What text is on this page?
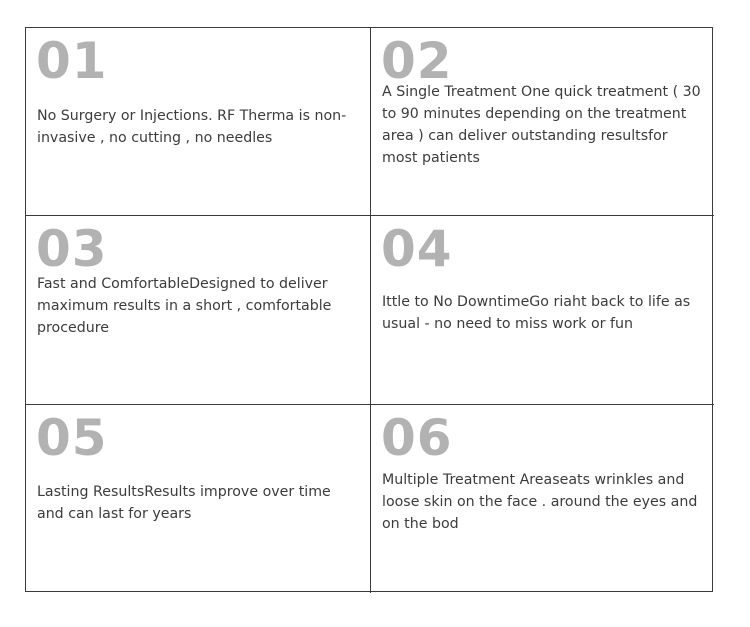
01
No Surgery or Injections. RF Therma is non-invasive , no cutting , no needles
02
A Single Treatment One quick treatment ( 30 to 90 minutes depending on the treatment area ) can deliver outstanding resultsfor most patients
03
Fast and ComfortableDesigned to deliver maximum results in a short , comfortable procedure
04
Ittle to No DowntimeGo riaht back to life as usual - no need to miss work or fun
05
Lasting ResultsResults improve over time and can last for years
06
Multiple Treatment Areaseats wrinkles and loose skin on the face . around the eyes and on the bod
